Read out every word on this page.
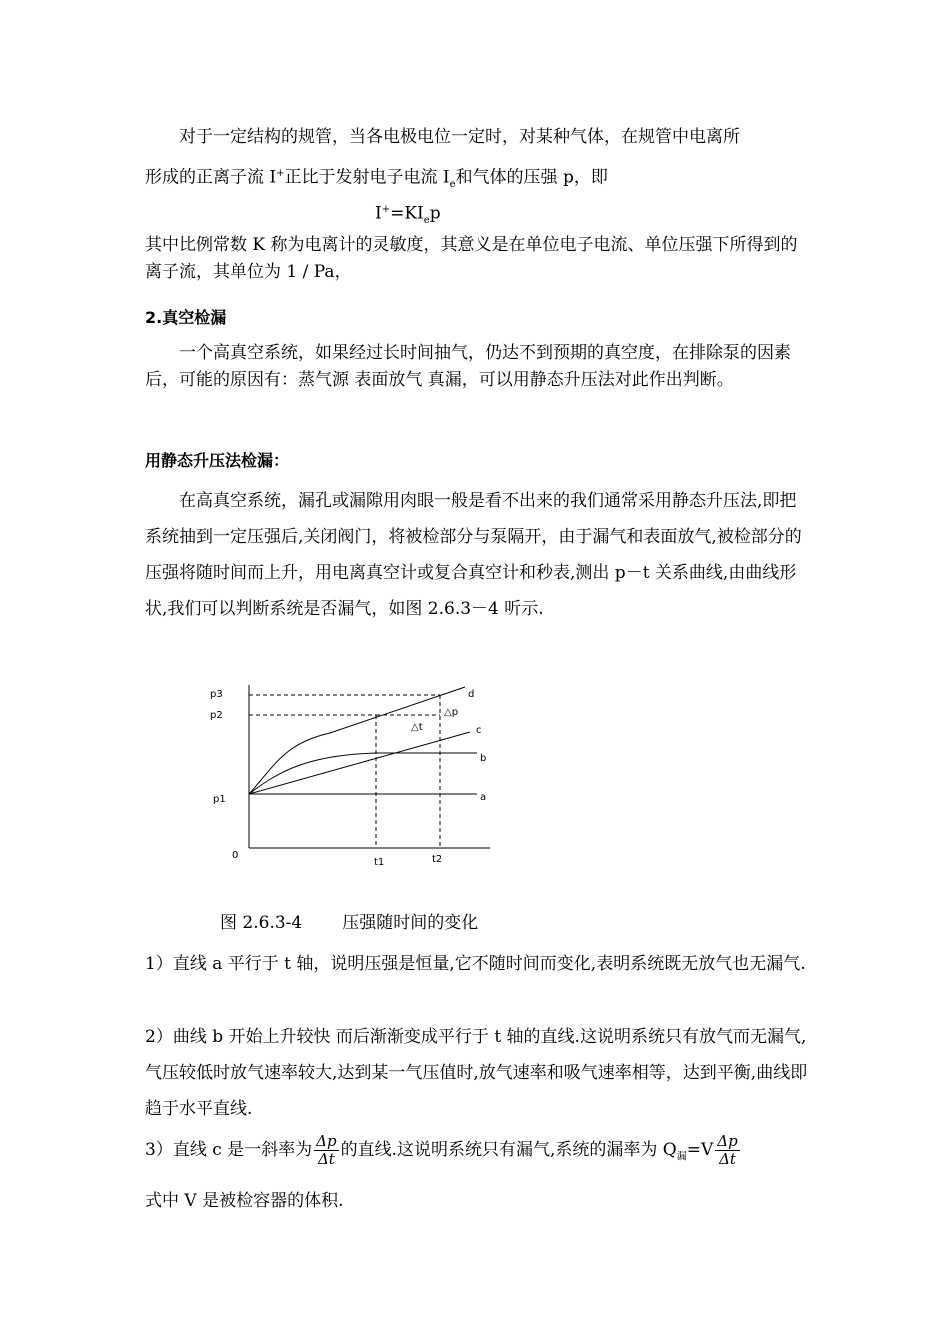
对于一定结构的规管，当各电极电位一定时，对某种气体，在规管中电离所

形成的正离子流 I+正比于发射电子电流 $I_e$和气体的压强 p，即

$I^+=KI_ep$

其中比例常数 K 称为电离计的灵敏度，其意义是在单位电子电流、单位压强下所得到的离子流，其单位为 1 / Pa，

2.真空检漏

一个高真空系统，如果经过长时间抽气，仍达不到预期的真空度，在排除泵的因素后，可能的原因有：蒸气源 表面放气 真漏，可以用静态升压法对此作出判断。

用静态升压法检漏：

在高真空系统，漏孔或漏隙用肉眼一般是看不出来的我们通常采用静态升压法,即把系统抽到一定压强后,关闭阀门，将被检部分与泵隔开，由于漏气和表面放气,被检部分的压强将随时间而上升，用电离真空计或复合真空计和秒表,测出 p－t 关系曲线,由曲线形状,我们可以判断系统是否漏气，如图 2.6.3－4 听示.

p3
p2
p1
0
t1	t2
a
b
c
d
△p
△t

图 2.6.3-4 压强随时间的变化

1）直线 a 平行于 t 轴，说明压强是恒量,它不随时间而变化,表明系统既无放气也无漏气.

2）曲线 b 开始上升较快 而后渐渐变成平行于 t 轴的直线.这说明系统只有放气而无漏气,气压较低时放气速率较大,达到某一气压值时,放气速率和吸气速率相等，达到平衡,曲线即趋于水平直线.

3）直线 c 是一斜率为 $\frac{\Delta p}{\Delta t}$ 的直线.这说明系统只有漏气,系统的漏率为 $Q_漏=V \frac{\Delta p}{\Delta t}$

式中 V 是被检容器的体积.
